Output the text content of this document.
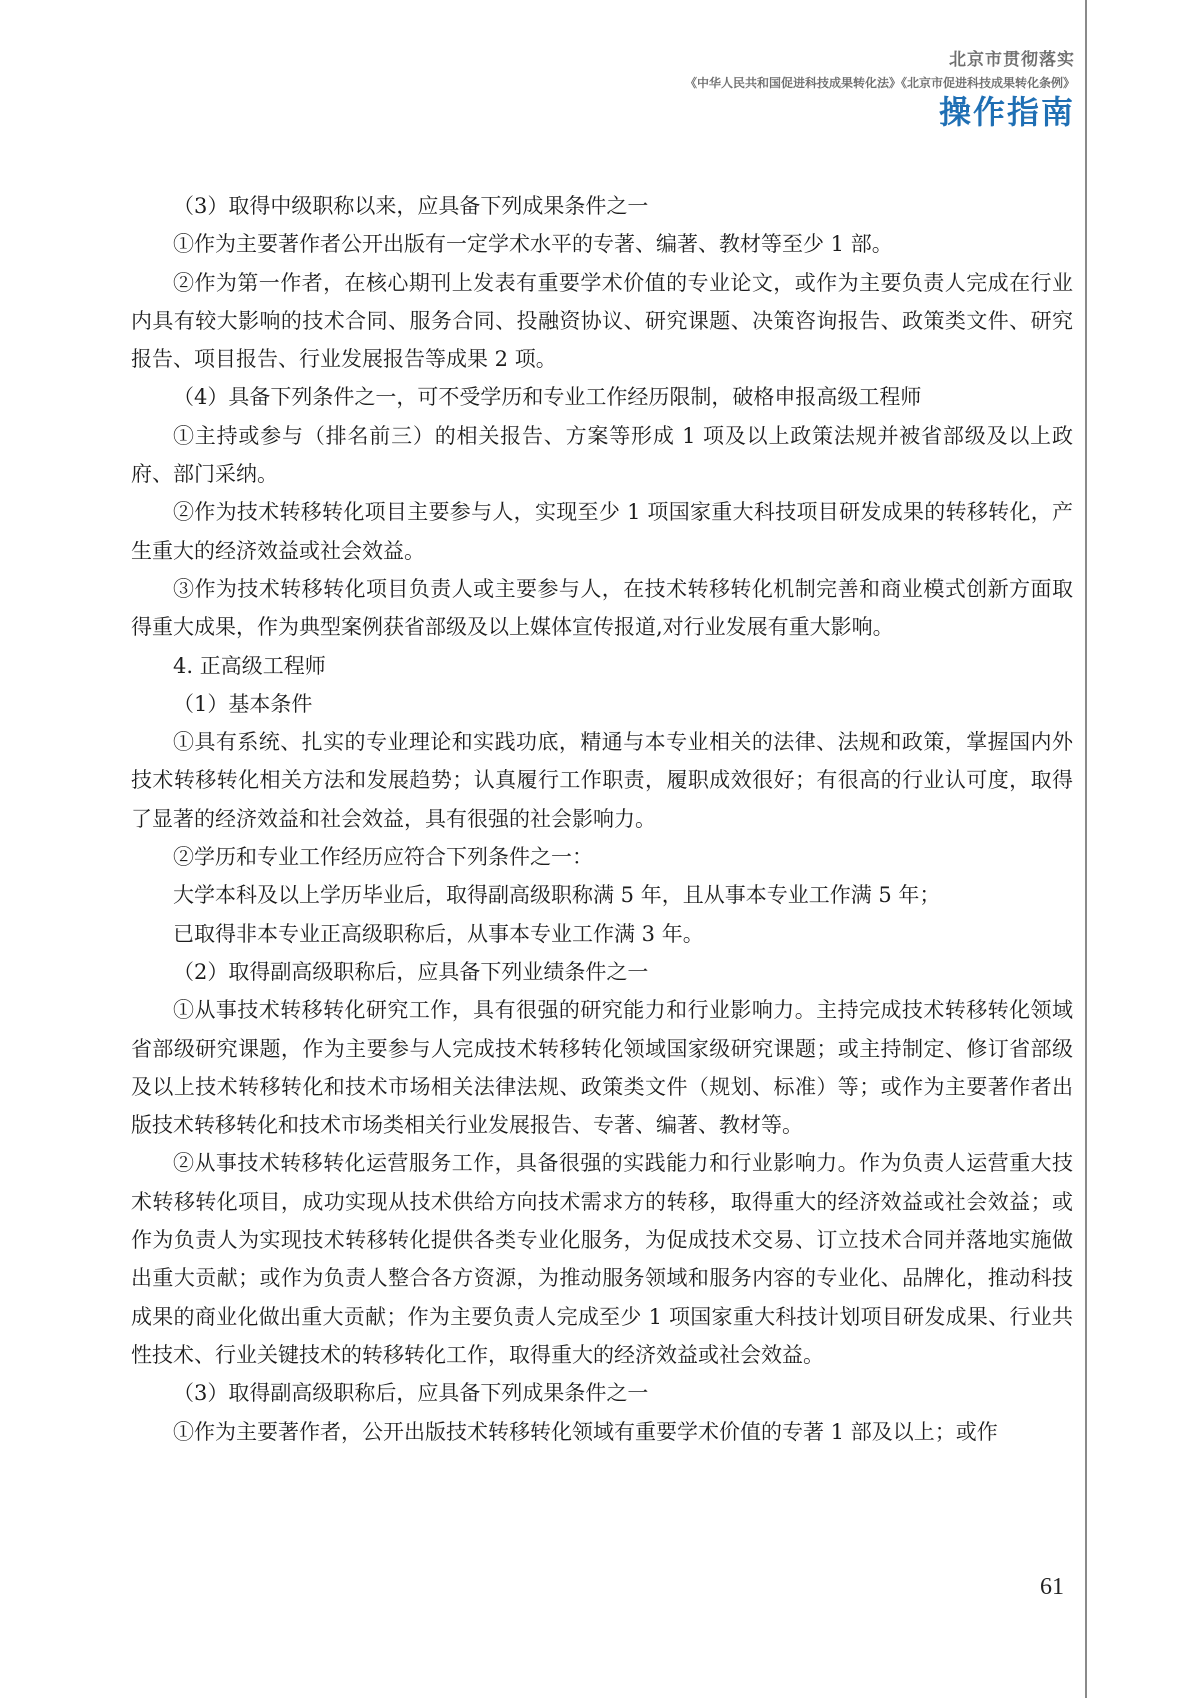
北京市贯彻落实
《中华人民共和国促进科技成果转化法》《北京市促进科技成果转化条例》
操作指南

（3）取得中级职称以来，应具备下列成果条件之一

①作为主要著作者公开出版有一定学术水平的专著、编著、教材等至少 1 部。

②作为第一作者，在核心期刊上发表有重要学术价值的专业论文，或作为主要负责人完成在行业内具有较大影响的技术合同、服务合同、投融资协议、研究课题、决策咨询报告、政策类文件、研究报告、项目报告、行业发展报告等成果 2 项。

（4）具备下列条件之一，可不受学历和专业工作经历限制，破格申报高级工程师

①主持或参与（排名前三）的相关报告、方案等形成 1 项及以上政策法规并被省部级及以上政府、部门采纳。

②作为技术转移转化项目主要参与人，实现至少 1 项国家重大科技项目研发成果的转移转化，产生重大的经济效益或社会效益。

③作为技术转移转化项目负责人或主要参与人，在技术转移转化机制完善和商业模式创新方面取得重大成果，作为典型案例获省部级及以上媒体宣传报道,对行业发展有重大影响。

4. 正高级工程师

（1）基本条件

①具有系统、扎实的专业理论和实践功底，精通与本专业相关的法律、法规和政策，掌握国内外技术转移转化相关方法和发展趋势；认真履行工作职责，履职成效很好；有很高的行业认可度，取得了显著的经济效益和社会效益，具有很强的社会影响力。

②学历和专业工作经历应符合下列条件之一：

大学本科及以上学历毕业后，取得副高级职称满 5 年，且从事本专业工作满 5 年；

已取得非本专业正高级职称后，从事本专业工作满 3 年。

（2）取得副高级职称后，应具备下列业绩条件之一

①从事技术转移转化研究工作，具有很强的研究能力和行业影响力。主持完成技术转移转化领域省部级研究课题，作为主要参与人完成技术转移转化领域国家级研究课题；或主持制定、修订省部级及以上技术转移转化和技术市场相关法律法规、政策类文件（规划、标准）等；或作为主要著作者出版技术转移转化和技术市场类相关行业发展报告、专著、编著、教材等。

②从事技术转移转化运营服务工作，具备很强的实践能力和行业影响力。作为负责人运营重大技术转移转化项目，成功实现从技术供给方向技术需求方的转移，取得重大的经济效益或社会效益；或作为负责人为实现技术转移转化提供各类专业化服务，为促成技术交易、订立技术合同并落地实施做出重大贡献；或作为负责人整合各方资源，为推动服务领域和服务内容的专业化、品牌化，推动科技成果的商业化做出重大贡献；作为主要负责人完成至少 1 项国家重大科技计划项目研发成果、行业共性技术、行业关键技术的转移转化工作，取得重大的经济效益或社会效益。

（3）取得副高级职称后，应具备下列成果条件之一

①作为主要著作者，公开出版技术转移转化领域有重要学术价值的专著 1 部及以上；或作

61
